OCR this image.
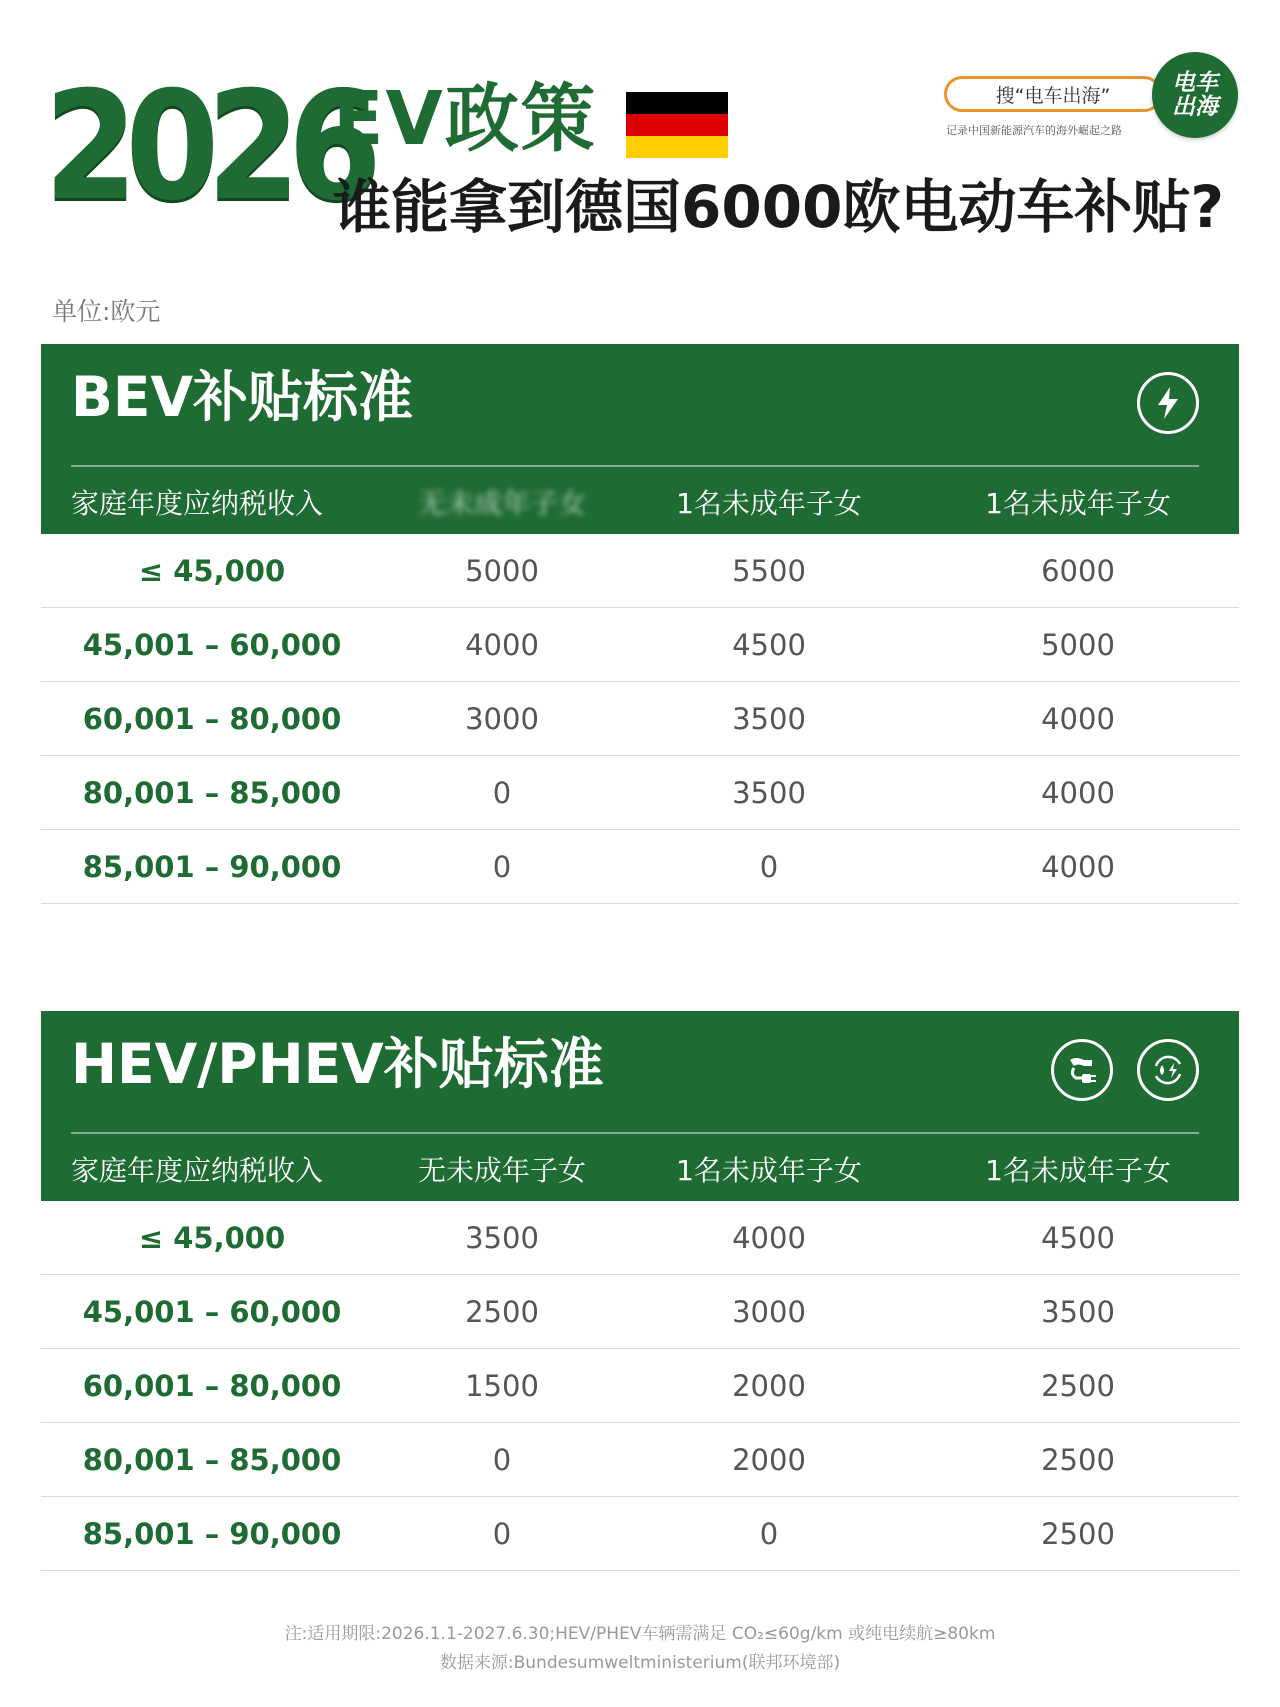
2026
EV政策
谁能拿到德国6000欧电动车补贴?
搜“电车出海”
记录中国新能源汽车的海外崛起之路
电车出海
单位:欧元
BEV补贴标准
家庭年度应纳税收入	无未成年子女	1名未成年子女	1名未成年子女
≤ 45,000	5000	5500	6000
45,001 – 60,000	4000	4500	5000
60,001 – 80,000	3000	3500	4000
80,001 – 85,000	0	3500	4000
85,001 – 90,000	0	0	4000
HEV/PHEV补贴标准
家庭年度应纳税收入	无未成年子女	1名未成年子女	1名未成年子女
≤ 45,000	3500	4000	4500
45,001 – 60,000	2500	3000	3500
60,001 – 80,000	1500	2000	2500
80,001 – 85,000	0	2000	2500
85,001 – 90,000	0	0	2500
注:适用期限:2026.1.1-2027.6.30;HEV/PHEV车辆需满足 CO₂≤60g/km 或纯电续航≥80km
数据来源:Bundesumweltministerium(联邦环境部)
